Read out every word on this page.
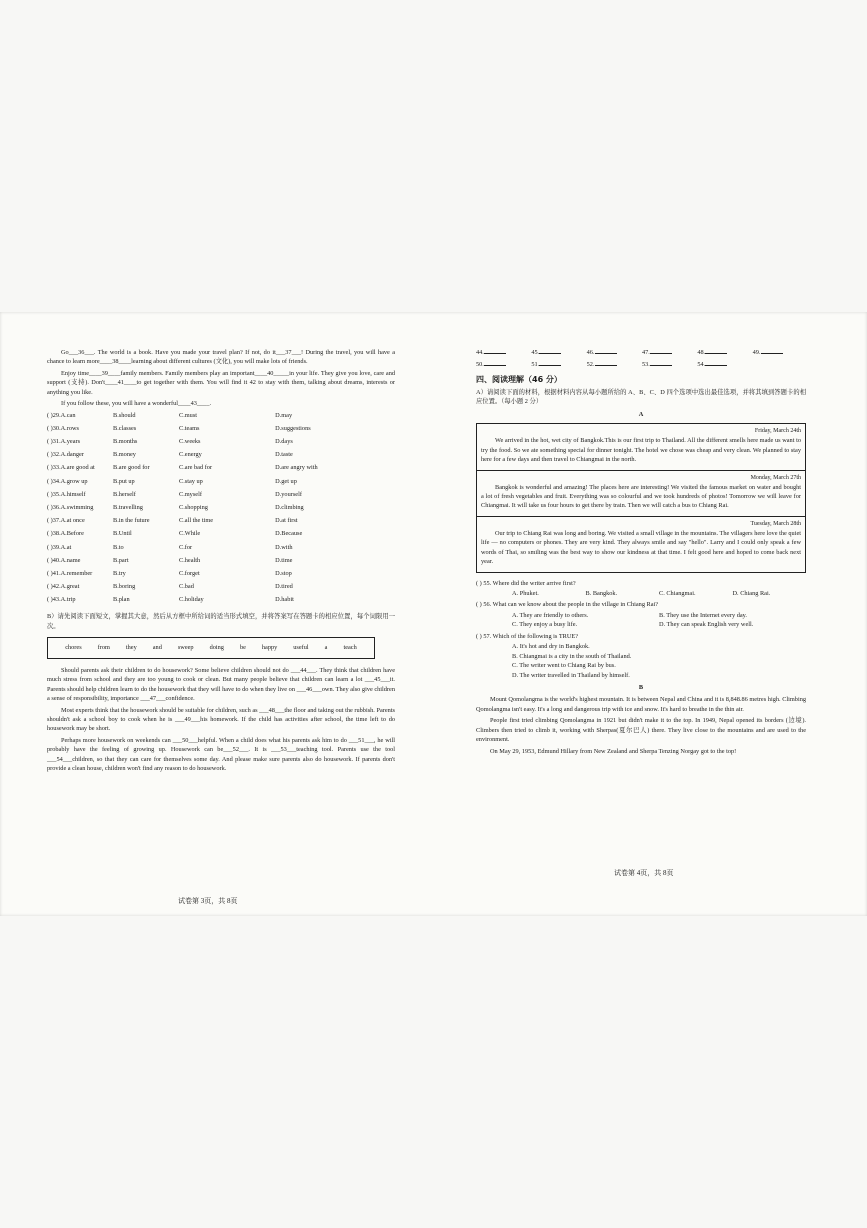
Go___36___. The world is a book. Have you made your travel plan? If not, do it___37___! During the travel, you will have a chance to learn more____38____learning about different cultures (文化), you will make lots of friends.

Enjoy time____39____family members. Family members play an important____40_____in your life. They give you love, care and support (支持). Don't____41____to get together with them. You will find it 42 to stay with them, talking about dreams, interests or anything you like.

If you follow these, you will have a wonderful____43____.

( )29.A.can	B.should	C.must	D.may
( )30.A.rows	B.classes	C.teams	D.suggestions
( )31.A.years	B.months	C.weeks	D.days
( )32.A.danger	B.money	C.energy	D.taste
( )33.A.are good at	B.are good for	C.are bad for	D.are angry with
( )34.A.grow up	B.put up	C.stay up	D.get up
( )35.A.himself	B.herself	C.myself	D.yourself
( )36.A.swimming	B.travelling	C.shopping	D.climbing
( )37.A.at once	B.in the future	C.all the time	D.at first
( )38.A.Before	B.Until	C.While	D.Because
( )39.A.at	B.to	C.for	D.with
( )40.A.name	B.part	C.health	D.time
( )41.A.remember	B.try	C.forget	D.stop
( )42.A.great	B.boring	C.bad	D.tired
( )43.A.trip	B.plan	C.holiday	D.habit

B）请先阅读下面短文，掌握其大意，然后从方框中所给词的适当形式填空，并将答案写在答题卡的相应位置，每个词限用一次。

chores	from	they	and	sweep	doing	be	happy	useful	a	teach

Should parents ask their children to do housework? Some believe children should not do ___44___. They think that children have much stress from school and they are too young to cook or clean. But many people believe that children can learn a lot ___45___it. Parents should help children learn to do the housework that they will have to do when they live on ___46___own. They also give children a sense of responsibility, importance ___47___confidence.

Most experts think that the housework should be suitable for children, such as ___48___the floor and taking out the rubbish. Parents shouldn't ask a school boy to cook when he is ___49___his homework. If the child has activities after school, the time left to do housework may be short.

Perhaps more housework on weekends can ___50___helpful. When a child does what his parents ask him to do ___51___, he will probably have the feeling of growing up. Housework can be___52___. It is ___53___teaching tool. Parents use the tool ___54___children, so that they can care for themselves some day. And please make sure parents also do housework. If parents don't provide a clean house, children won't find any reason to do housework.

试卷第 3页，共 8页
44.	45.	46.	47.	48.	49.
50.	51.	52.	53.	54.
四、阅读理解（46 分）

A）请阅读下面的材料，根据材料内容从每小题所给的 A、B、C、D 四个选项中选出最佳选项，并将其填到答题卡的相应位置。（每小题 2 分）

A
Friday, March 24th

We arrived in the hot, wet city of Bangkok.This is our first trip to Thailand. All the different smells here made us want to try the food. So we ate something special for dinner tonight. The hotel we chose was cheap and very clean. We planned to stay here for a few days and then travel to Chiangmai in the north.

Monday, March 27th

Bangkok is wonderful and amazing! The places here are interesting! We visited the famous market on water and bought a lot of fresh vegetables and fruit. Everything was so colourful and we took hundreds of photos! Tomorrow we will leave for Chiangmai. It will take us four hours to get there by train. Then we will catch a bus to Chiang Rai.

Tuesday, March 28th

Our trip to Chiang Rai was long and boring. We visited a small village in the mountains. The villagers here love the quiet life — no computers or phones. They are very kind. They always smile and say "hello". Larry and I could only speak a few words of Thai, so smiling was the best way to show our kindness at that time. I felt good here and hoped to come back next year.

( ) 55. Where did the writer arrive first?
A. Phuket.	B. Bangkok.	C. Chiangmai.	D. Chiang Rai.
( ) 56. What can we know about the people in the village in Chiang Rai?
A. They are friendly to others.	B. They use the Internet every day.
C. They enjoy a busy life.	D. They can speak English very well.
( ) 57. Which of the following is TRUE?
A. It's hot and dry in Bangkok.
B. Chiangmai is a city in the south of Thailand.
C. The writer went to Chiang Rai by bus.
D. The writer travelled in Thailand by himself.
B

Mount Qomolangma is the world's highest mountain. It is between Nepal and China and it is 8,848.86 metres high. Climbing Qomolangma isn't easy. It's a long and dangerous trip with ice and snow. It's hard to breathe in the thin air.

People first tried climbing Qomolangma in 1921 but didn't make it to the top. In 1949, Nepal opened its borders (边境). Climbers then tried to climb it, working with Sherpas(夏尔巴人) there. They live close to the mountains and are used to the environment.

On May 29, 1953, Edmund Hillary from New Zealand and Sherpa Tenzing Norgay got to the top!

试卷第 4页，共 8页
